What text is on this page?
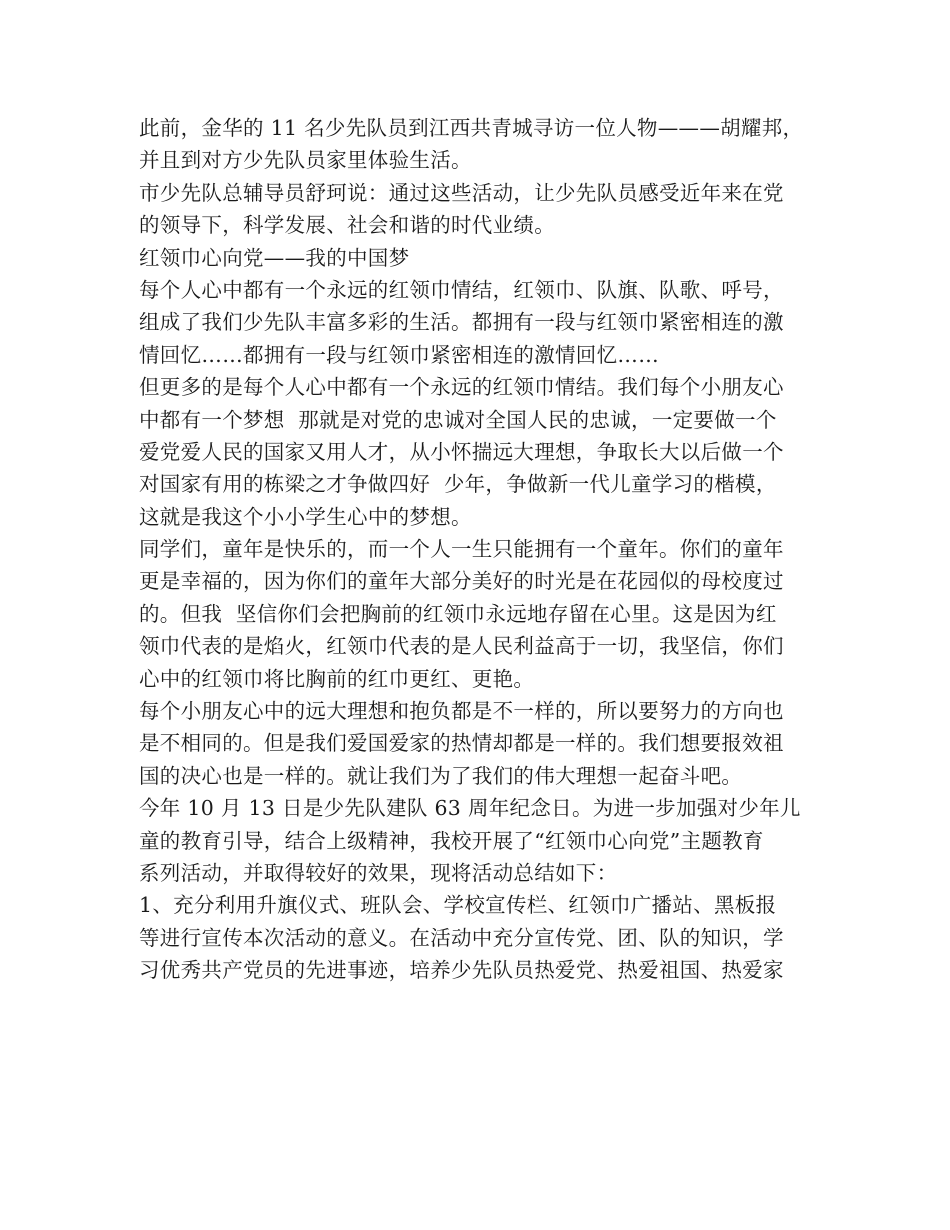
此前，金华的 11 名少先队员到江西共青城寻访一位人物———胡耀邦，
并且到对方少先队员家里体验生活。

市少先队总辅导员舒珂说：通过这些活动，让少先队员感受近年来在党
的领导下，科学发展、社会和谐的时代业绩。

红领巾心向党——我的中国梦

每个人心中都有一个永远的红领巾情结，红领巾、队旗、队歌、呼号，
组成了我们少先队丰富多彩的生活。都拥有一段与红领巾紧密相连的激
情回忆……都拥有一段与红领巾紧密相连的激情回忆……

但更多的是每个人心中都有一个永远的红领巾情结。我们每个小朋友心
中都有一个梦想  那就是对党的忠诚对全国人民的忠诚，一定要做一个
爱党爱人民的国家又用人才，从小怀揣远大理想，争取长大以后做一个
对国家有用的栋梁之才争做四好  少年，争做新一代儿童学习的楷模，
这就是我这个小小学生心中的梦想。

同学们，童年是快乐的，而一个人一生只能拥有一个童年。你们的童年
更是幸福的，因为你们的童年大部分美好的时光是在花园似的母校度过
的。但我  坚信你们会把胸前的红领巾永远地存留在心里。这是因为红
领巾代表的是焰火，红领巾代表的是人民利益高于一切，我坚信，你们
心中的红领巾将比胸前的红巾更红、更艳。

每个小朋友心中的远大理想和抱负都是不一样的，所以要努力的方向也
是不相同的。但是我们爱国爱家的热情却都是一样的。我们想要报效祖
国的决心也是一样的。就让我们为了我们的伟大理想一起奋斗吧。

今年 10 月 13 日是少先队建队 63 周年纪念日。为进一步加强对少年儿
童的教育引导，结合上级精神，我校开展了“红领巾心向党”主题教育
系列活动，并取得较好的效果，现将活动总结如下：

1、充分利用升旗仪式、班队会、学校宣传栏、红领巾广播站、黑板报
等进行宣传本次活动的意义。在活动中充分宣传党、团、队的知识，学
习优秀共产党员的先进事迹，培养少先队员热爱党、热爱祖国、热爱家
